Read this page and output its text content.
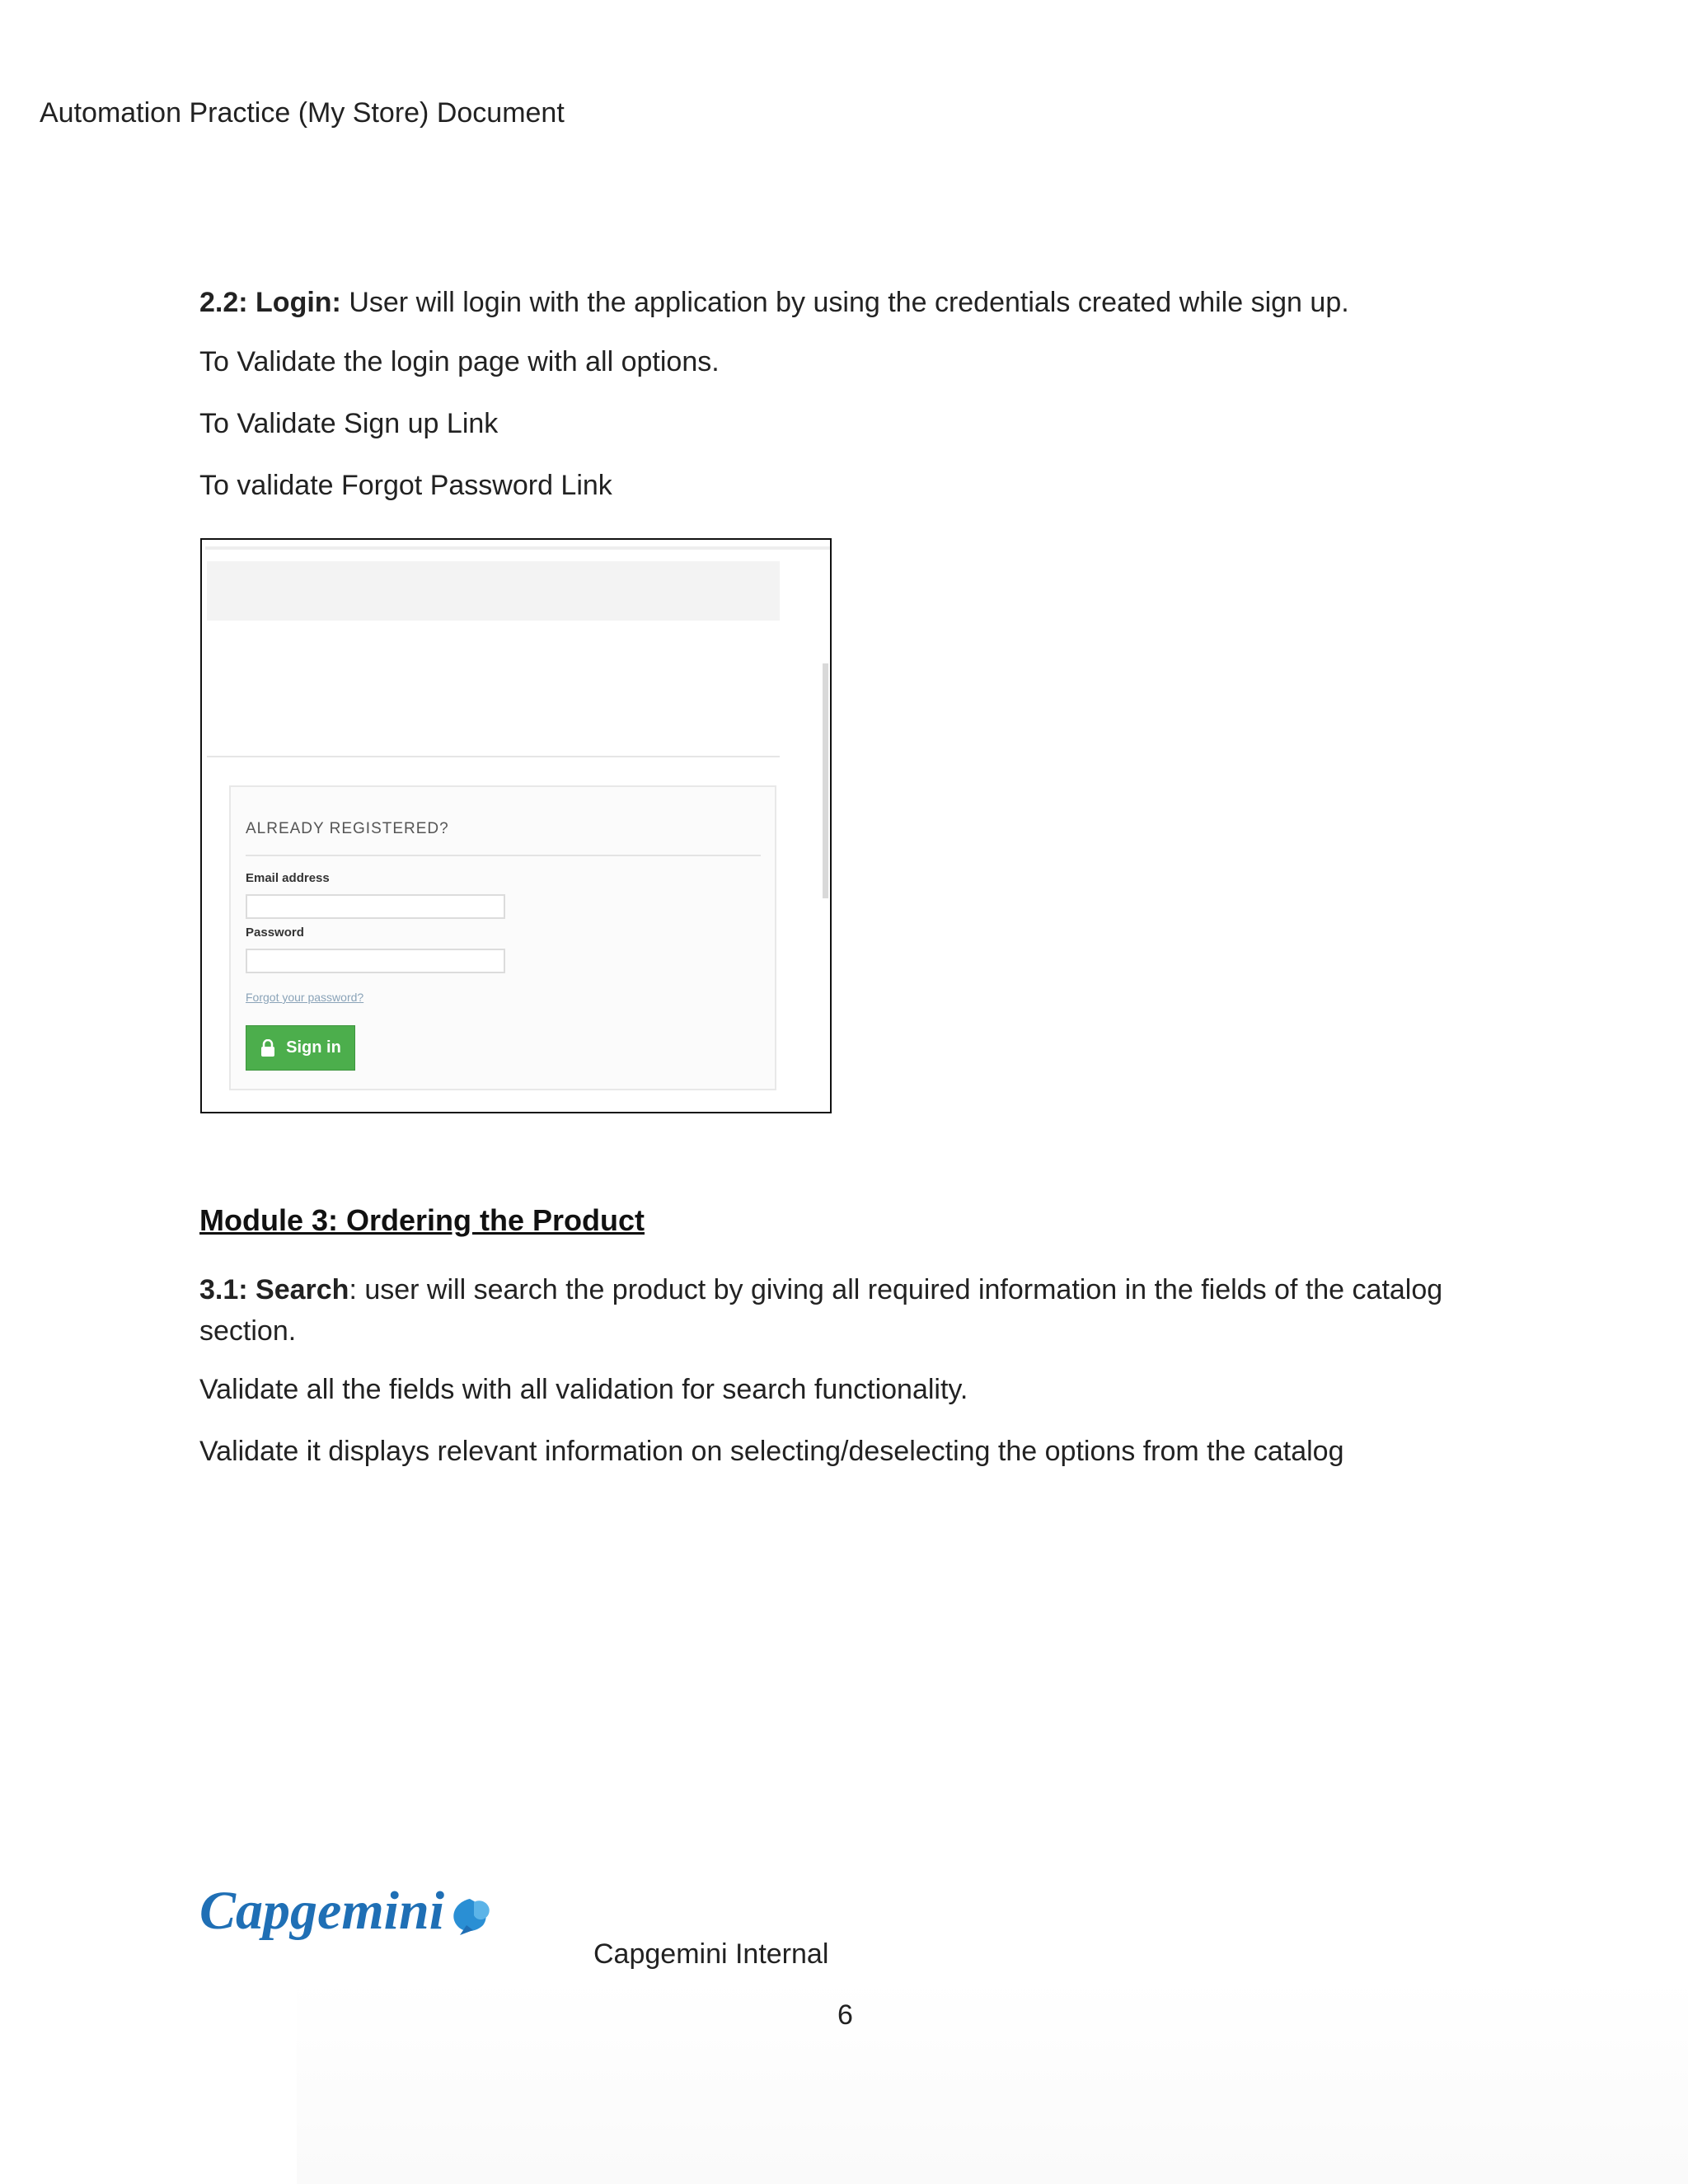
Automation Practice (My Store) Document

2.2: Login: User will login with the application by using the credentials created while sign up.

To Validate the login page with all options.
To Validate Sign up Link
To validate Forgot Password Link
ALREADY REGISTERED?
Email address
Password
Forgot your password?
Sign in
Module 3: Ordering the Product

3.1: Search: user will search the product by giving all required information in the fields of the catalog section.

Validate all the fields with all validation for search functionality.
Validate it displays relevant information on selecting/deselecting the options from the catalog
Capgemini
Capgemini Internal
6
